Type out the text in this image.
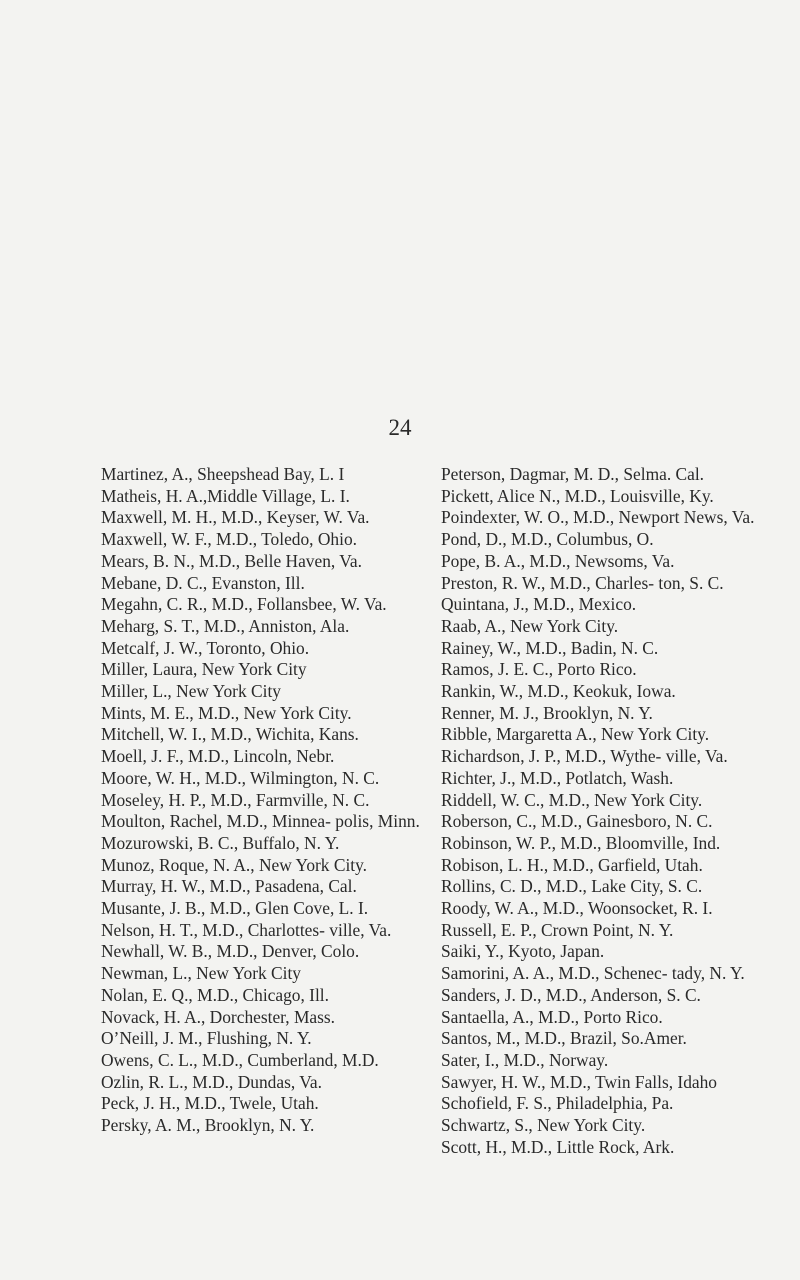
24
Martinez, A., Sheepshead Bay, L. I
Matheis, H. A.,Middle Village, L. I.
Maxwell, M. H., M.D., Keyser, W. Va.
Maxwell, W. F., M.D., Toledo, Ohio.
Mears, B. N., M.D., Belle Haven, Va.
Mebane, D. C., Evanston, Ill.
Megahn, C. R., M.D., Follansbee, W. Va.
Meharg, S. T., M.D., Anniston, Ala.
Metcalf, J. W., Toronto, Ohio.
Miller, Laura, New York City
Miller, L., New York City
Mints, M. E., M.D., New York City.
Mitchell, W. I., M.D., Wichita, Kans.
Moell, J. F., M.D., Lincoln, Nebr.
Moore, W. H., M.D., Wilmington, N. C.
Moseley, H. P., M.D., Farmville, N. C.
Moulton, Rachel, M.D., Minnea- polis, Minn.
Mozurowski, B. C., Buffalo, N. Y.
Munoz, Roque, N. A., New York City.
Murray, H. W., M.D., Pasadena, Cal.
Musante, J. B., M.D., Glen Cove, L. I.
Nelson, H. T., M.D., Charlottes- ville, Va.
Newhall, W. B., M.D., Denver, Colo.
Newman, L., New York City
Nolan, E. Q., M.D., Chicago, Ill.
Novack, H. A., Dorchester, Mass.
O’Neill, J. M., Flushing, N. Y.
Owens, C. L., M.D., Cumberland, M.D.
Ozlin, R. L., M.D., Dundas, Va.
Peck, J. H., M.D., Twele, Utah.
Persky, A. M., Brooklyn, N. Y.
Peterson, Dagmar, M. D., Selma. Cal.
Pickett, Alice N., M.D., Louisville, Ky.
Poindexter, W. O., M.D., Newport News, Va.
Pond, D., M.D., Columbus, O.
Pope, B. A., M.D., Newsoms, Va.
Preston, R. W., M.D., Charles- ton, S. C.
Quintana, J., M.D., Mexico.
Raab, A., New York City.
Rainey, W., M.D., Badin, N. C.
Ramos, J. E. C., Porto Rico.
Rankin, W., M.D., Keokuk, Iowa.
Renner, M. J., Brooklyn, N. Y.
Ribble, Margaretta A., New York City.
Richardson, J. P., M.D., Wythe- ville, Va.
Richter, J., M.D., Potlatch, Wash.
Riddell, W. C., M.D., New York City.
Roberson, C., M.D., Gainesboro, N. C.
Robinson, W. P., M.D., Bloomville, Ind.
Robison, L. H., M.D., Garfield, Utah.
Rollins, C. D., M.D., Lake City, S. C.
Roody, W. A., M.D., Woonsocket, R. I.
Russell, E. P., Crown Point, N. Y.
Saiki, Y., Kyoto, Japan.
Samorini, A. A., M.D., Schenec- tady, N. Y.
Sanders, J. D., M.D., Anderson, S. C.
Santaella, A., M.D., Porto Rico.
Santos, M., M.D., Brazil, So.Amer.
Sater, I., M.D., Norway.
Sawyer, H. W., M.D., Twin Falls, Idaho
Schofield, F. S., Philadelphia, Pa.
Schwartz, S., New York City.
Scott, H., M.D., Little Rock, Ark.
